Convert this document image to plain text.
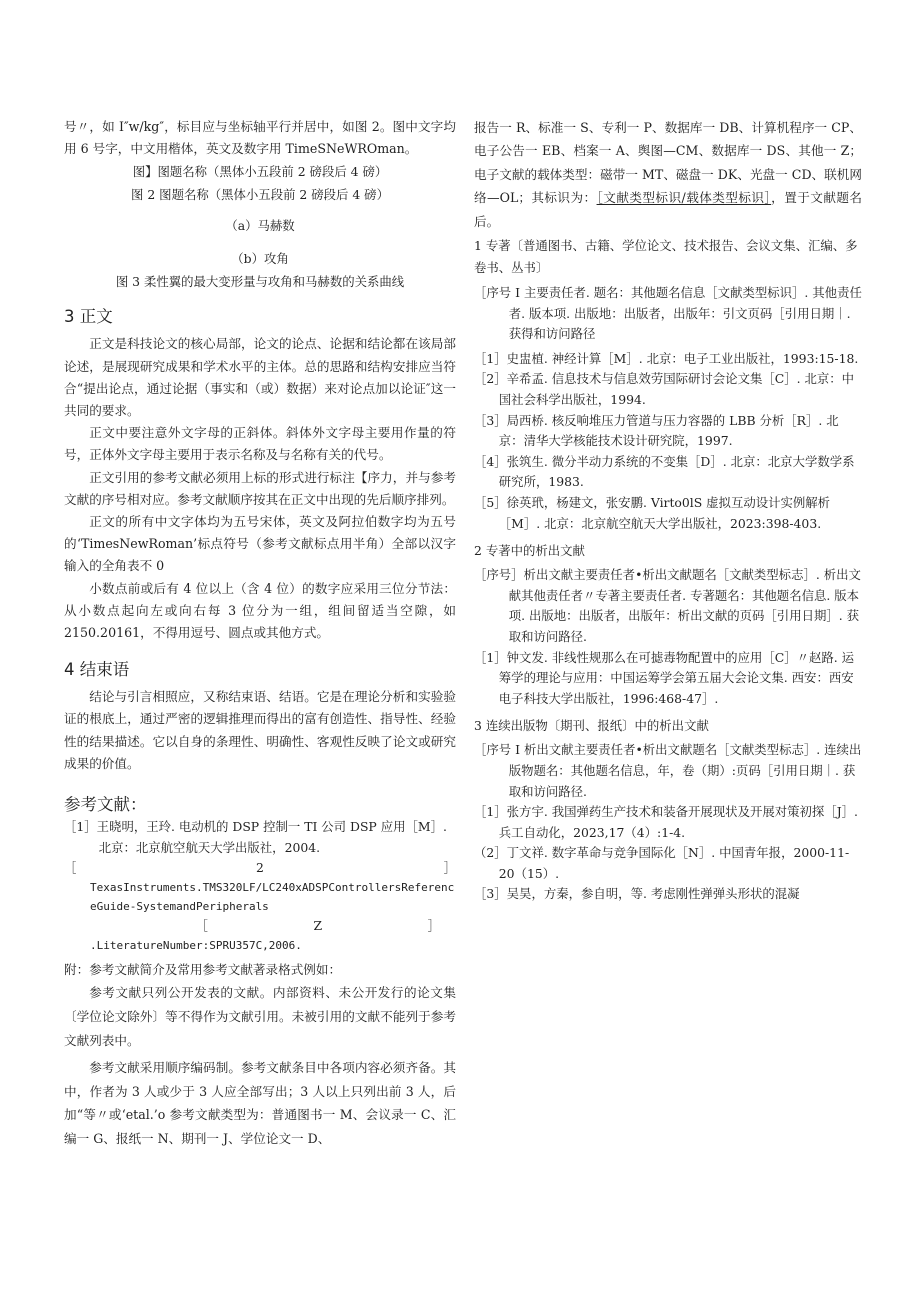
号〃，如 I″w/kg″，标目应与坐标轴平行并居中，如图 2。图中文字均用 6 号字，中文用楷体，英文及数字用 TimeSNeWROman。

图】图题名称（黑体小五段前 2 磅段后 4 磅）

图 2 图题名称（黑体小五段前 2 磅段后 4 磅）

（a）马赫数

（b）攻角

图 3 柔性翼的最大变形量与攻角和马赫数的关系曲线

3 正文

正文是科技论文的核心局部，论文的论点、论据和结论都在该局部论述，是展现研究成果和学术水平的主体。总的思路和结构安排应当符合“提出论点，通过论据（事实和（或）数据）来对论点加以论证″这一共同的要求。

正文中要注意外文字母的正斜体。斜体外文字母主要用作量的符号，正体外文字母主要用于表示名称及与名称有关的代号。

正文引用的参考文献必须用上标的形式进行标注【序力，并与参考文献的序号相对应。参考文献顺序按其在正文中出现的先后顺序排列。

正文的所有中文字体均为五号宋体，英文及阿拉伯数字均为五号的‘TimesNewRoman’标点符号（参考文献标点用半角）全部以汉字输入的全角表不 0

小数点前或后有 4 位以上（含 4 位）的数字应采用三位分节法：从小数点起向左或向右每 3 位分为一组，组间留适当空隙，如 2150.20161，不得用逗号、圆点或其他方式。

4 结束语

结论与引言相照应，又称结束语、结语。它是在理论分析和实验验证的根底上，通过严密的逻辑推理而得出的富有创造性、指导性、经验性的结果描述。它以自身的条理性、明确性、客观性反映了论文或研究成果的价值。

参考文献：

［1］王晓明，王玲. 电动机的 DSP 控制一 TI 公司 DSP 应用［M］. 北京：北京航空航天大学出版社，2004.

［	2	］
TexasInstruments.TMS320LF/LC240xADSPControllersReferenceGuide-SystemandPeripherals
［	Z	］
.LiteratureNumber:SPRU357C,2006.

附：参考文献简介及常用参考文献著录格式例如：

参考文献只列公开发表的文献。内部资料、未公开发行的论文集〔学位论文除外〕等不得作为文献引用。未被引用的文献不能列于参考文献列表中。

参考文献采用顺序编码制。参考文献条目中各项内容必须齐备。其中，作者为 3 人或少于 3 人应全部写出；3 人以上只列出前 3 人，后加“等〃或‘etal.’o 参考文献类型为：普通图书一 M、会议录一 C、汇编一 G、报纸一 N、期刊一 J、学位论文一 D、

报告一 R、标准一 S、专利一 P、数据库一 DB、计算机程序一 CP、电子公告一 EB、档案一 A、舆图—CM、数据库一 DS、其他一 Z；电子文献的载体类型：磁带一 MT、磁盘一 DK、光盘一 CD、联机网络—OL；其标识为：［文献类型标识/载体类型标识］，置于文献题名后。

1 专著〔普通图书、古籍、学位论文、技术报告、会议文集、汇编、多卷书、丛书〕

［序号 I 主要责任者. 题名：其他题名信息［文献类型标识］. 其他责任者. 版本项. 出版地：出版者，出版年：引文页码［引用日期｜. 获得和访问路径

［1］史盅植. 神经计算［M］. 北京：电子工业出版社，1993:15-18.

［2］辛希孟. 信息技术与信息效劳国际研讨会论文集［C］. 北京：中国社会科学出版社，1994.

［3］局西桥. 核反响堆压力管道与压力容器的 LBB 分析［R］. 北京：清华大学核能技术设计研究院，1997.

［4］张筑生. 微分半动力系统的不变集［D］. 北京：北京大学数学系研究所，1983.

［5］徐英玳，杨建文，张安鹏. Virto0lS 虚拟互动设计实例解析［M］. 北京：北京航空航天大学出版社，2023:398-403.

2 专著中的析出文献

［序号］析出文献主要责任者•析出文献题名［文献类型标志］. 析出文献其他责任者〃专著主要责任者. 专著题名：其他题名信息. 版本项. 出版地：出版者，出版年：析出文献的页码［引用日期］. 获取和访问路径.

［1］钟文发. 非线性规那么在可摅毒物配置中的应用［C］〃赵路. 运筹学的理论与应用：中国运筹学会第五届大会论文集. 西安：西安电子科技大学出版社，1996:468-47］.

3 连续出版物〔期刊、报纸〕中的析出文献

［序号 I 析出文献主要责任者•析出文献题名［文献类型标志］. 连续出版物题名：其他题名信息，年，卷（期）:页码［引用日期｜. 获取和访问路径.

［1］张方宇. 我国弹药生产技术和装备开展现状及开展对策初探［J］. 兵工自动化，2023,17（4）:1-4.

（2］丁文祥. 数字革命与竞争国际化［N］. 中国青年报，2000-11-20（15）.

［3］吴昊，方秦，参自明，等. 考虑刚性弹弹头形状的混凝
